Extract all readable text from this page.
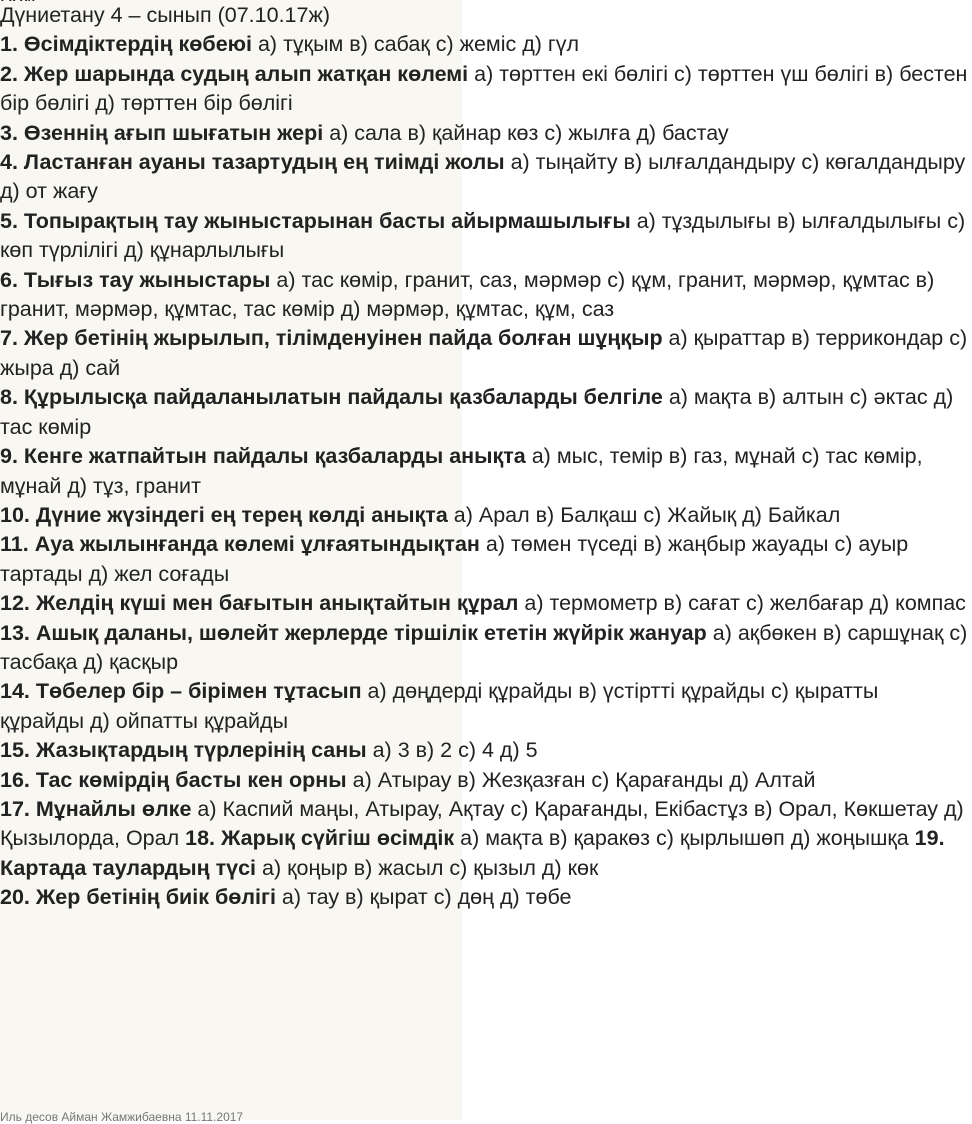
Дүниетану 4 – сынып (07.10.17ж)
1. Өсімдіктердің көбеюі а) тұқым в) сабақ с) жеміс д) гүл
2. Жер шарында судың алып жатқан көлемі а) төрттен екі бөлігі с) төрттен үш бөлігі в) бестен бір бөлігі д) төрттен бір бөлігі
3. Өзеннің ағып шығатын жері а) сала в) қайнар көз с) жылға д) бастау
4. Ластанған ауаны тазартудың ең тиімді жолы а) тыңайту в) ылғалдандыру с) көгалдандыру д) от жағу
5. Топырақтың тау жыныстарынан басты айырмашылығы а) тұздылығы в) ылғалдылығы с) көп түрлілігі д) құнарлылығы
6. Тығыз тау жыныстары а) тас көмір, гранит, саз, мәрмәр с) құм, гранит, мәрмәр, құмтас в) гранит, мәрмәр, құмтас, тас көмір д) мәрмәр, құмтас, құм, саз
7. Жер бетінің жырылып, тілімденуінен пайда болған шұңқыр а) қыраттар в) террикондар с) жыра д) сай
8. Құрылысқа пайдаланылатын пайдалы қазбаларды белгіле а) мақта в) алтын с) әктас д) тас көмір
9. Кенге жатпайтын пайдалы қазбаларды анықта а) мыс, темір в) газ, мұнай с) тас көмір, мұнай д) тұз, гранит
10. Дүние жүзіндегі ең терең көлді анықта а) Арал в) Балқаш с) Жайық д) Байкал
11. Ауа жылынғанда көлемі ұлғаятындықтан а) төмен түседі в) жаңбыр жауады с) ауыр тартады д) жел соғады
12. Желдің күші мен бағытын анықтайтын құрал а) термометр в) сағат с) желбағар д) компас
13. Ашық даланы, шөлейт жерлерде тіршілік ететін жүйрік жануар а) ақбөкен в) саршұнақ с) тасбақа д) қасқыр
14. Төбелер бір – бірімен тұтасып а) дөңдерді құрайды в) үстіртті құрайды с) қыратты құрайды д) ойпатты құрайды
15. Жазықтардың түрлерінің саны а) 3 в) 2 с) 4 д) 5
16. Тас көмірдің басты кен орны а) Атырау в) Жезқазған с) Қарағанды д) Алтай
17. Мұнайлы өлке а) Каспий маңы, Атырау, Ақтау с) Қарағанды, Екібастұз в) Орал, Көкшетау д) Қызылорда, Орал 18. Жарық сүйгіш өсімдік а) мақта в) қаракөз с) қырлышөп д) жоңышқа 19. Картада таулардың түсі а) қоңыр в) жасыл с) қызыл д) көк
20. Жер бетінің биік бөлігі а) тау в) қырат с) дөң д) төбе
Иль десов Айман Жамжибаевна 11.11.2017
